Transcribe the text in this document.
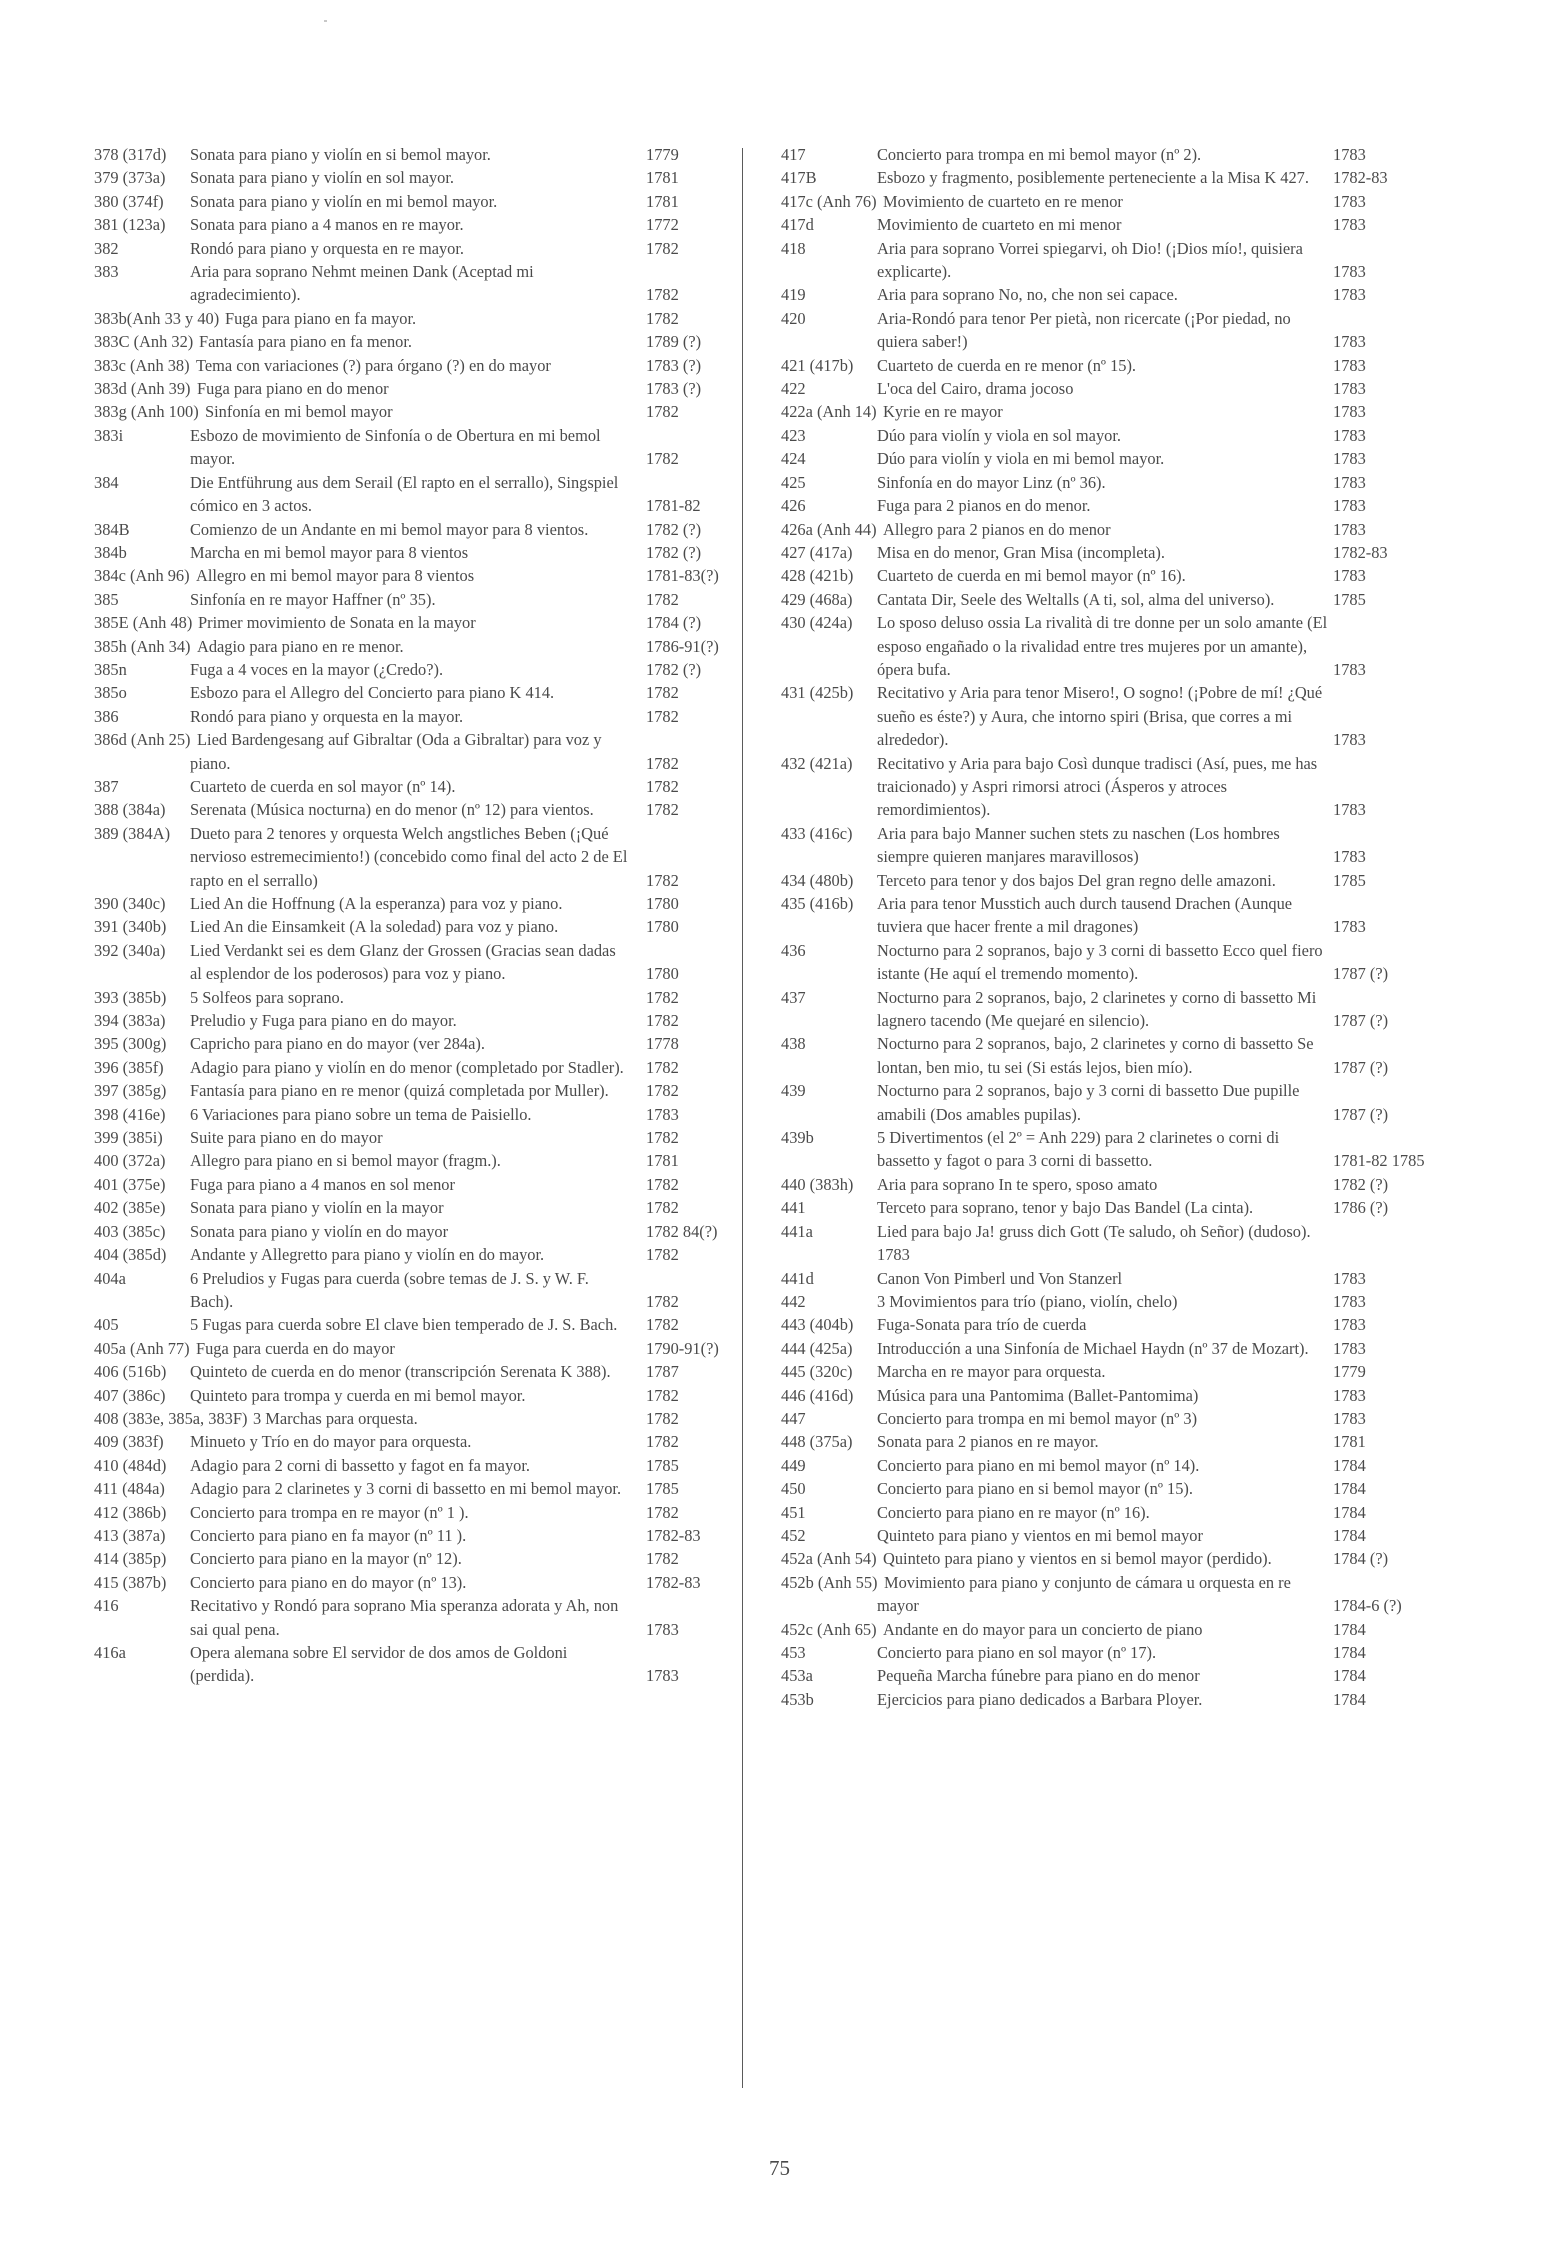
378 (317d) Sonata para piano y violín en si bemol mayor.	1779
379 (373a) Sonata para piano y violín en sol mayor.	1781
380 (374f) Sonata para piano y violín en mi bemol mayor.	1781
381 (123a) Sonata para piano a 4 manos en re mayor.	1772
382	Rondó para piano y orquesta en re mayor.	1782
383	Aria para soprano Nehmt meinen Dank (Aceptad mi agradecimiento).	1782
383b(Anh 33 y 40) Fuga para piano en fa mayor.	1782
383C (Anh 32) Fantasía para piano en fa menor.	1789 (?)
383c (Anh 38) Tema con variaciones (?) para órgano (?) en do mayor	1783 (?)
383d (Anh 39) Fuga para piano en do menor	1783 (?)
383g (Anh 100) Sinfonía en mi bemol mayor	1782
383i	Esbozo de movimiento de Sinfonía o de Obertura en mi bemol mayor.	1782
384	Die Entführung aus dem Serail (El rapto en el serrallo), Singspiel cómico en 3 actos.	1781-82
384B	Comienzo de un Andante en mi bemol mayor para 8 vientos.	1782 (?)
384b	Marcha en mi bemol mayor para 8 vientos	1782 (?)
384c (Anh 96) Allegro en mi bemol mayor para 8 vientos	1781-83(?)
385	Sinfonía en re mayor Haffner (nº 35).	1782
385E (Anh 48) Primer movimiento de Sonata en la mayor	1784 (?)
385h (Anh 34) Adagio para piano en re menor.	1786-91(?)
385n	Fuga a 4 voces en la mayor (¿Credo?).	1782 (?)
385o	Esbozo para el Allegro del Concierto para piano K 414.	1782
386	Rondó para piano y orquesta en la mayor.	1782
386d (Anh 25) Lied Bardengesang auf Gibraltar (Oda a Gibraltar) para voz y piano.	1782
387	Cuarteto de cuerda en sol mayor (nº 14).	1782
388 (384a) Serenata (Música nocturna) en do menor (nº 12) para vientos.	1782
389 (384A) Dueto para 2 tenores y orquesta Welch angstliches Beben (¡Qué nervioso estremecimiento!) (concebido como final del acto 2 de El rapto en el serrallo)	1782
390 (340c) Lied An die Hoffnung (A la esperanza) para voz y piano.	1780
391 (340b) Lied An die Einsamkeit (A la soledad) para voz y piano.	1780
392 (340a) Lied Verdankt sei es dem Glanz der Grossen (Gracias sean dadas al esplendor de los poderosos) para voz y piano.	1780
393 (385b) 5 Solfeos para soprano.	1782
394 (383a) Preludio y Fuga para piano en do mayor.	1782
395 (300g) Capricho para piano en do mayor (ver 284a).	1778
396 (385f) Adagio para piano y violín en do menor (completado por Stadler).	1782
397 (385g) Fantasía para piano en re menor (quizá completada por Muller).	1782
398 (416e) 6 Variaciones para piano sobre un tema de Paisiello.	1783
399 (385i) Suite para piano en do mayor	1782
400 (372a) Allegro para piano en si bemol mayor (fragm.).	1781
401 (375e) Fuga para piano a 4 manos en sol menor	1782
402 (385e) Sonata para piano y violín en la mayor	1782
403 (385c) Sonata para piano y violín en do mayor	1782 84(?)
404 (385d) Andante y Allegretto para piano y violín en do mayor.	1782
404a	6 Preludios y Fugas para cuerda (sobre temas de J. S. y W. F. Bach).	1782
405	5 Fugas para cuerda sobre El clave bien temperado de J. S. Bach.	1782
405a (Anh 77) Fuga para cuerda en do mayor	1790-91(?)
406 (516b) Quinteto de cuerda en do menor (transcripción Serenata K 388).	1787
407 (386c) Quinteto para trompa y cuerda en mi bemol mayor.	1782
408 (383e, 385a, 383F) 3 Marchas para orquesta.	1782
409 (383f) Minueto y Trío en do mayor para orquesta.	1782
410 (484d) Adagio para 2 corni di bassetto y fagot en fa mayor.	1785
411 (484a) Adagio para 2 clarinetes y 3 corni di bassetto en mi bemol mayor.	1785
412 (386b) Concierto para trompa en re mayor (nº 1 ).	1782
413 (387a) Concierto para piano en fa mayor (nº 11 ).	1782-83
414 (385p) Concierto para piano en la mayor (nº 12).	1782
415 (387b) Concierto para piano en do mayor (nº 13).	1782-83
416	Recitativo y Rondó para soprano Mia speranza adorata y Ah, non sai qual pena.	1783
416a	Opera alemana sobre El servidor de dos amos de Goldoni (perdida).	1783
417	Concierto para trompa en mi bemol mayor (nº 2).	1783
417B	Esbozo y fragmento, posiblemente perteneciente a la Misa K 427.	1782-83
417c (Anh 76) Movimiento de cuarteto en re menor	1783
417d	Movimiento de cuarteto en mi menor	1783
418	Aria para soprano Vorrei spiegarvi, oh Dio! (¡Dios mío!, quisiera explicarte).	1783
419	Aria para soprano No, no, che non sei capace.	1783
420	Aria-Rondó para tenor Per pietà, non ricercate (¡Por piedad, no quiera saber!)	1783
421 (417b) Cuarteto de cuerda en re menor (nº 15).	1783
422	L'oca del Cairo, drama jocoso	1783
422a (Anh 14) Kyrie en re mayor	1783
423	Dúo para violín y viola en sol mayor.	1783
424	Dúo para violín y viola en mi bemol mayor.	1783
425	Sinfonía en do mayor Linz (nº 36).	1783
426	Fuga para 2 pianos en do menor.	1783
426a (Anh 44) Allegro para 2 pianos en do menor	1783
427 (417a) Misa en do menor, Gran Misa (incompleta).	1782-83
428 (421b) Cuarteto de cuerda en mi bemol mayor (nº 16).	1783
429 (468a) Cantata Dir, Seele des Weltalls (A ti, sol, alma del universo).	1785
430 (424a) Lo sposo deluso ossia La rivalità di tre donne per un solo amante (El esposo engañado o la rivalidad entre tres mujeres por un amante), ópera bufa.	1783
431 (425b) Recitativo y Aria para tenor Misero!, O sogno! (¡Pobre de mí! ¿Qué sueño es éste?) y Aura, che intorno spiri (Brisa, que corres a mi alrededor).	1783
432 (421a) Recitativo y Aria para bajo Così dunque tradisci (Así, pues, me has traicionado) y Aspri rimorsi atroci (Ásperos y atroces remordimientos).	1783
433 (416c) Aria para bajo Manner suchen stets zu naschen (Los hombres siempre quieren manjares maravillosos)	1783
434 (480b) Terceto para tenor y dos bajos Del gran regno delle amazoni.	1785
435 (416b) Aria para tenor Musstich auch durch tausend Drachen (Aunque tuviera que hacer frente a mil dragones)	1783
436	Nocturno para 2 sopranos, bajo y 3 corni di bassetto Ecco quel fiero istante (He aquí el tremendo momento).	1787 (?)
437	Nocturno para 2 sopranos, bajo, 2 clarinetes y corno di bassetto Mi lagnero tacendo (Me quejaré en silencio).	1787 (?)
438	Nocturno para 2 sopranos, bajo, 2 clarinetes y corno di bassetto Se lontan, ben mio, tu sei (Si estás lejos, bien mío).	1787 (?)
439	Nocturno para 2 sopranos, bajo y 3 corni di bassetto Due pupille amabili (Dos amables pupilas).	1787 (?)
439b	5 Divertimentos (el 2º = Anh 229) para 2 clarinetes o corni di bassetto y fagot o para 3 corni di bassetto.	1781-82 1785
440 (383h) Aria para soprano In te spero, sposo amato	1782 (?)
441	Terceto para soprano, tenor y bajo Das Bandel (La cinta).	1786 (?)
441a	Lied para bajo Ja! gruss dich Gott (Te saludo, oh Señor) (dudoso). 1783
441d	Canon Von Pimberl und Von Stanzerl	1783
442	3 Movimientos para trío (piano, violín, chelo)	1783
443 (404b) Fuga-Sonata para trío de cuerda	1783
444 (425a) Introducción a una Sinfonía de Michael Haydn (nº 37 de Mozart).	1783
445 (320c) Marcha en re mayor para orquesta.	1779
446 (416d) Música para una Pantomima (Ballet-Pantomima)	1783
447	Concierto para trompa en mi bemol mayor (nº 3)	1783
448 (375a) Sonata para 2 pianos en re mayor.	1781
449	Concierto para piano en mi bemol mayor (nº 14).	1784
450	Concierto para piano en si bemol mayor (nº 15).	1784
451	Concierto para piano en re mayor (nº 16).	1784
452	Quinteto para piano y vientos en mi bemol mayor	1784
452a (Anh 54) Quinteto para piano y vientos en si bemol mayor (perdido).	1784 (?)
452b (Anh 55) Movimiento para piano y conjunto de cámara u orquesta en re mayor	1784-6 (?)
452c (Anh 65) Andante en do mayor para un concierto de piano	1784
453	Concierto para piano en sol mayor (nº 17).	1784
453a	Pequeña Marcha fúnebre para piano en do menor	1784
453b	Ejercicios para piano dedicados a Barbara Ployer.	1784
75
